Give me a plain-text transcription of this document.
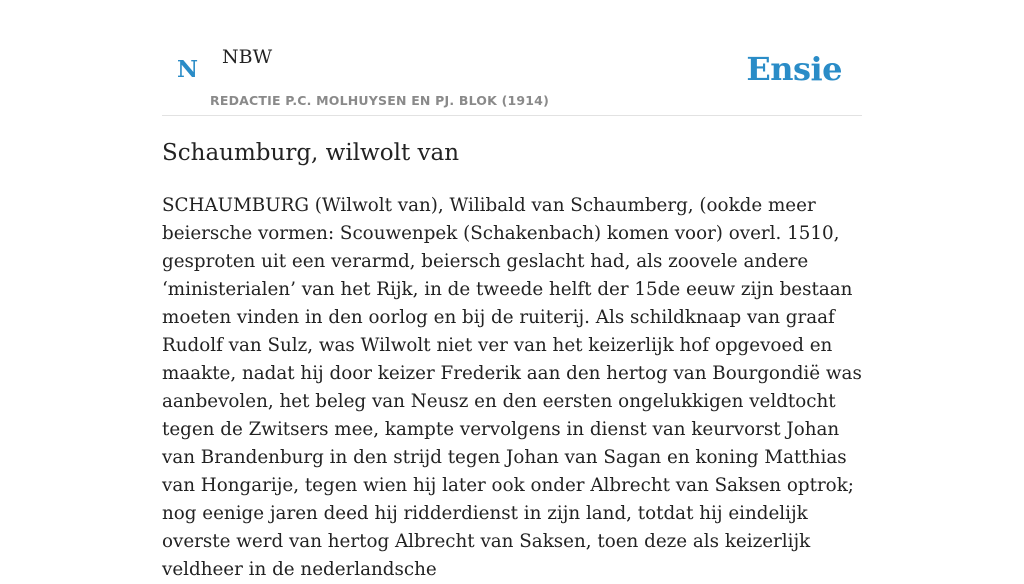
N NBW
REDACTIE P.C. MOLHUYSEN EN PJ. BLOK (1914)
Ensie
Schaumburg, wilwolt van

SCHAUMBURG (Wilwolt van), Wilibald van Schaumberg, (ookde meer beiersche vormen: Scouwenpek (Schakenbach) komen voor) overl. 1510, gesproten uit een verarmd, beiersch geslacht had, als zoovele andere ‘ministerialen’ van het Rijk, in de tweede helft der 15de eeuw zijn bestaan moeten vinden in den oorlog en bij de ruiterij. Als schildknaap van graaf Rudolf van Sulz, was Wilwolt niet ver van het keizerlijk hof opgevoed en maakte, nadat hij door keizer Frederik aan den hertog van Bourgondië was aanbevolen, het beleg van Neusz en den eersten ongelukkigen veldtocht tegen de Zwitsers mee, kampte vervolgens in dienst van keurvorst Johan van Brandenburg in den strijd tegen Johan van Sagan en koning Matthias van Hongarije, tegen wien hij later ook onder Albrecht van Saksen optrok; nog eenige jaren deed hij ridderdienst in zijn land, totdat hij eindelijk overste werd van hertog Albrecht van Saksen, toen deze als keizerlijk veldheer in de nederlandsche
